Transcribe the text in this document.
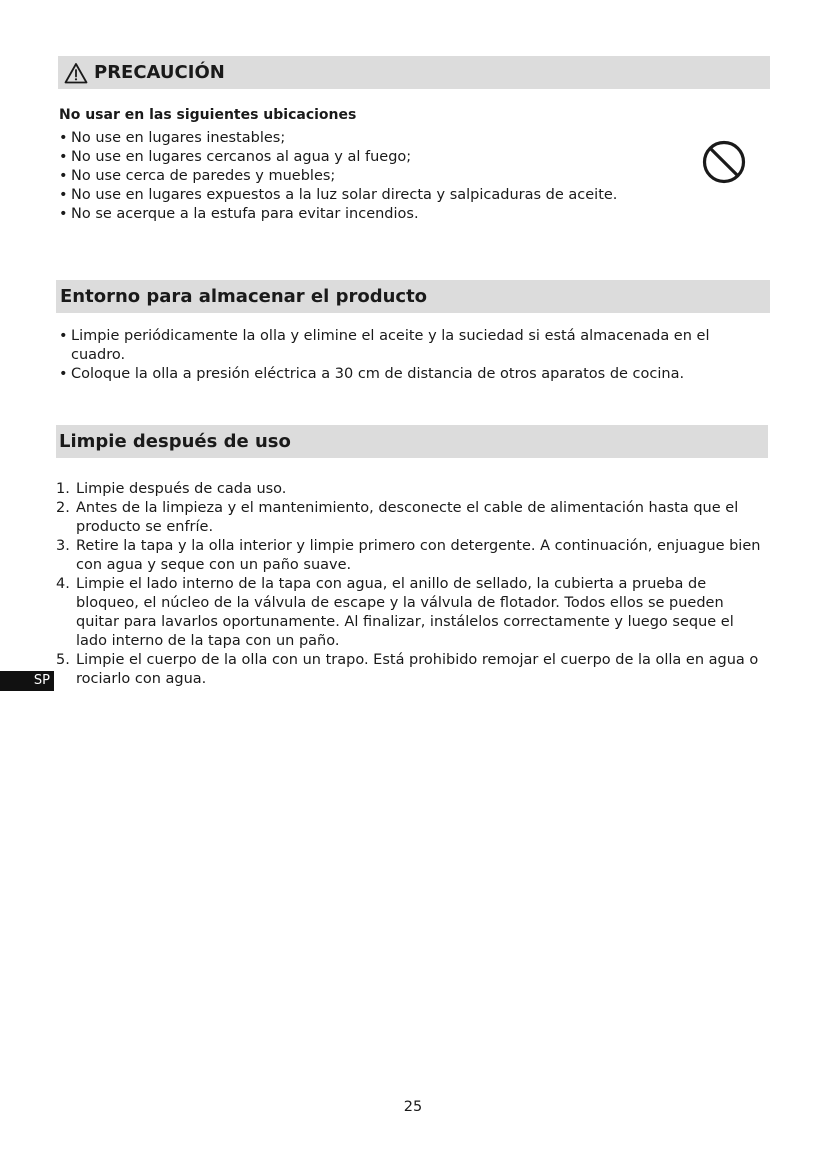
PRECAUCIÓN
No usar en las siguientes ubicaciones
• No use en lugares inestables;
• No use en lugares cercanos al agua y al fuego;
• No use cerca de paredes y muebles;
• No use en lugares expuestos a la luz solar directa y salpicaduras de aceite.
• No se acerque a la estufa para evitar incendios.
Entorno para almacenar el producto
• Limpie periódicamente la olla y elimine el aceite y la suciedad si está almacenada en el cuadro.
• Coloque la olla a presión eléctrica a 30 cm de distancia de otros aparatos de cocina.
Limpie después de uso
1. Limpie después de cada uso.
2. Antes de la limpieza y el mantenimiento, desconecte el cable de alimentación hasta que el producto se enfríe.
3. Retire la tapa y la olla interior y limpie primero con detergente. A continuación, enjuague bien con agua y seque con un paño suave.
4. Limpie el lado interno de la tapa con agua, el anillo de sellado, la cubierta a prueba de bloqueo, el núcleo de la válvula de escape y la válvula de flotador. Todos ellos se pueden quitar para lavarlos oportunamente. Al finalizar, instálelos correctamente y luego seque el lado interno de la tapa con un paño.
5. Limpie el cuerpo de la olla con un trapo. Está prohibido remojar el cuerpo de la olla en agua o rociarlo con agua.
SP
25
